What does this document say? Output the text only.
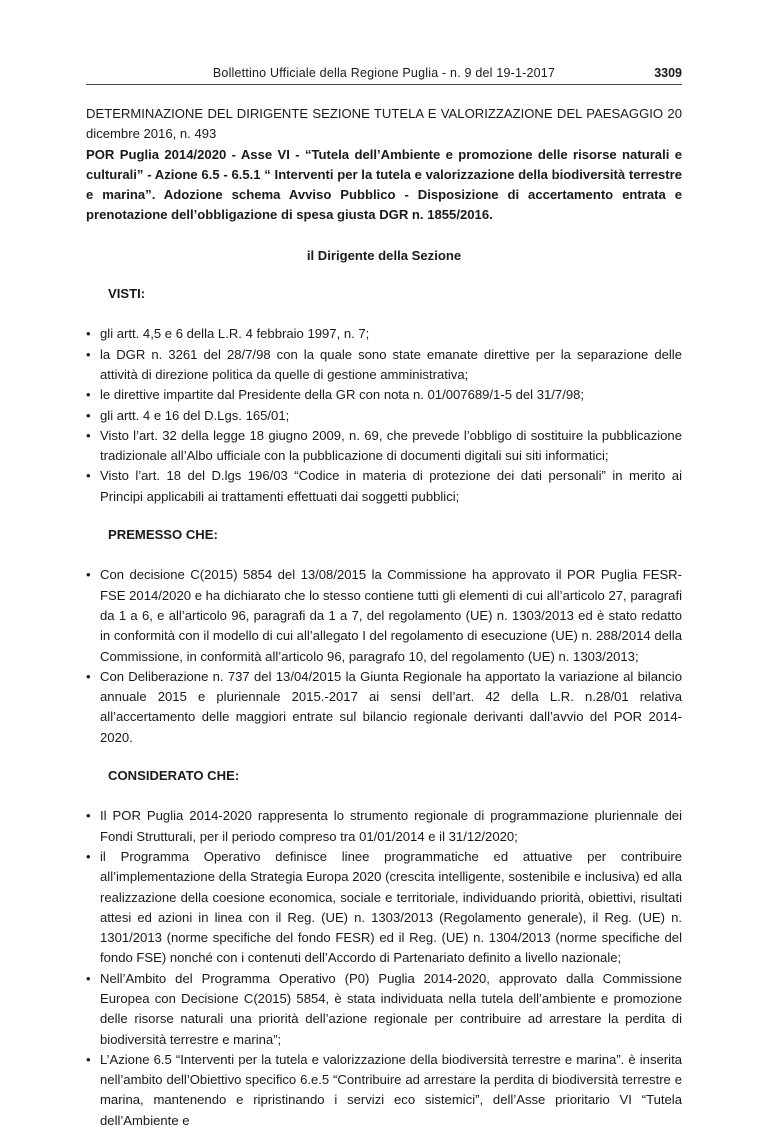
Bollettino Ufficiale della Regione Puglia - n. 9 del 19-1-2017	3309

DETERMINAZIONE DEL DIRIGENTE SEZIONE TUTELA E VALORIZZAZIONE DEL PAESAGGIO 20 dicembre 2016, n. 493

POR Puglia 2014/2020 - Asse VI - “Tutela dell’Ambiente e promozione delle risorse naturali e culturali” - Azione 6.5 - 6.5.1 “ Interventi per la tutela e valorizzazione della biodiversità terrestre e marina”. Adozione schema Avviso Pubblico - Disposizione di accertamento entrata e prenotazione dell’obbligazione di spesa giusta DGR n. 1855/2016.

il Dirigente della Sezione

VISTI:

• gli artt. 4,5 e 6 della L.R. 4 febbraio 1997, n. 7;
• la DGR n. 3261 del 28/7/98 con la quale sono state emanate direttive per la separazione delle attività di direzione politica da quelle di gestione amministrativa;
• le direttive impartite dal Presidente della GR con nota n. 01/007689/1-5 del 31/7/98;
• gli artt. 4 e 16 del D.Lgs. 165/01;
• Visto l’art. 32 della legge 18 giugno 2009, n. 69, che prevede l’obbligo di sostituire la pubblicazione tradizionale all’Albo ufficiale con la pubblicazione di documenti digitali sui siti informatici;
• Visto l’art. 18 del D.lgs 196/03 “Codice in materia di protezione dei dati personali” in merito ai Principi applicabili ai trattamenti effettuati dai soggetti pubblici;

PREMESSO CHE:

• Con decisione C(2015) 5854 del 13/08/2015 la Commissione ha approvato il POR Puglia FESR-FSE 2014/2020 e ha dichiarato che lo stesso contiene tutti gli elementi di cui all’articolo 27, paragrafi da 1 a 6, e all’articolo 96, paragrafi da 1 a 7, del regolamento (UE) n. 1303/2013 ed è stato redatto in conformità con il modello di cui all’allegato I del regolamento di esecuzione (UE) n. 288/2014 della Commissione, in conformità all’articolo 96, paragrafo 10, del regolamento (UE) n. 1303/2013;
• Con Deliberazione n. 737 del 13/04/2015 la Giunta Regionale ha apportato la variazione al bilancio annuale 2015 e pluriennale 2015.-2017 ai sensi dell’art. 42 della L.R. n.28/01 relativa all’accertamento delle maggiori entrate sul bilancio regionale derivanti dall’avvio del POR 2014-2020.

CONSIDERATO CHE:

• Il POR Puglia 2014-2020 rappresenta lo strumento regionale di programmazione pluriennale dei Fondi Strutturali, per il periodo compreso tra 01/01/2014 e il 31/12/2020;
• il Programma Operativo definisce linee programmatiche ed attuative per contribuire all’implementazione della Strategia Europa 2020 (crescita intelligente, sostenibile e inclusiva) ed alla realizzazione della coesione economica, sociale e territoriale, individuando priorità, obiettivi, risultati attesi ed azioni in linea con il Reg. (UE) n. 1303/2013 (Regolamento generale), il Reg. (UE) n. 1301/2013 (norme specifiche del fondo FESR) ed il Reg. (UE) n. 1304/2013 (norme specifiche del fondo FSE) nonché con i contenuti dell’Accordo di Partenariato definito a livello nazionale;
• Nell’Ambito del Programma Operativo (P0) Puglia 2014-2020, approvato dalla Commissione Europea con Decisione C(2015) 5854, è stata individuata nella tutela dell’ambiente e promozione delle risorse naturali una priorità dell’azione regionale per contribuire ad arrestare la perdita di biodiversità terrestre e marina”;
• L’Azione 6.5 “Interventi per la tutela e valorizzazione della biodiversità terrestre e marina”. è inserita nell’ambito dell’Obiettivo specifico 6.e.5 “Contribuire ad arrestare la perdita di biodiversità terrestre e marina, mantenendo e ripristinando i servizi eco sistemici”, dell’Asse prioritario VI “Tutela dell’Ambiente e
